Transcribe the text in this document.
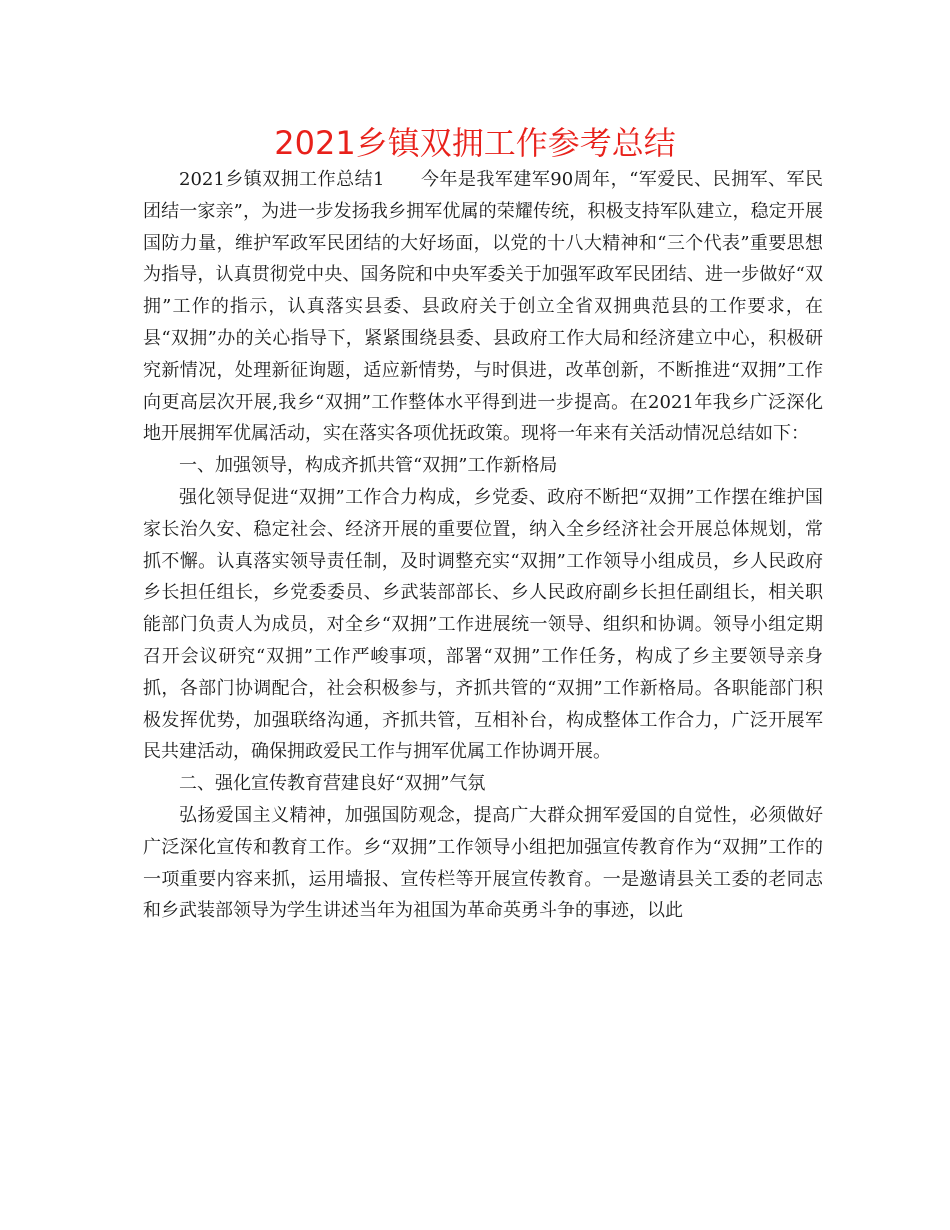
2021乡镇双拥工作参考总结

2021乡镇双拥工作总结1 今年是我军建军90周年，“军爱民、民拥军、军民团结一家亲”，为进一步发扬我乡拥军优属的荣耀传统，积极支持军队建立，稳定开展国防力量，维护军政军民团结的大好场面，以党的十八大精神和“三个代表”重要思想为指导，认真贯彻党中央、国务院和中央军委关于加强军政军民团结、进一步做好“双拥”工作的指示，认真落实县委、县政府关于创立全省双拥典范县的工作要求，在县“双拥”办的关心指导下，紧紧围绕县委、县政府工作大局和经济建立中心，积极研究新情况，处理新征询题，适应新情势，与时俱进，改革创新，不断推进“双拥”工作向更高层次开展,我乡“双拥”工作整体水平得到进一步提高。在2021年我乡广泛深化地开展拥军优属活动，实在落实各项优抚政策。现将一年来有关活动情况总结如下：

一、加强领导，构成齐抓共管“双拥”工作新格局

强化领导促进“双拥”工作合力构成，乡党委、政府不断把“双拥”工作摆在维护国家长治久安、稳定社会、经济开展的重要位置，纳入全乡经济社会开展总体规划，常抓不懈。认真落实领导责任制，及时调整充实“双拥”工作领导小组成员，乡人民政府乡长担任组长，乡党委委员、乡武装部部长、乡人民政府副乡长担任副组长，相关职能部门负责人为成员，对全乡“双拥”工作进展统一领导、组织和协调。领导小组定期召开会议研究“双拥”工作严峻事项，部署“双拥”工作任务，构成了乡主要领导亲身抓，各部门协调配合，社会积极参与，齐抓共管的“双拥”工作新格局。各职能部门积极发挥优势，加强联络沟通，齐抓共管，互相补台，构成整体工作合力，广泛开展军民共建活动，确保拥政爱民工作与拥军优属工作协调开展。

二、强化宣传教育营建良好“双拥”气氛

弘扬爱国主义精神，加强国防观念，提高广大群众拥军爱国的自觉性，必须做好广泛深化宣传和教育工作。乡“双拥”工作领导小组把加强宣传教育作为“双拥”工作的一项重要内容来抓，运用墙报、宣传栏等开展宣传教育。一是邀请县关工委的老同志和乡武装部领导为学生讲述当年为祖国为革命英勇斗争的事迹，以此
